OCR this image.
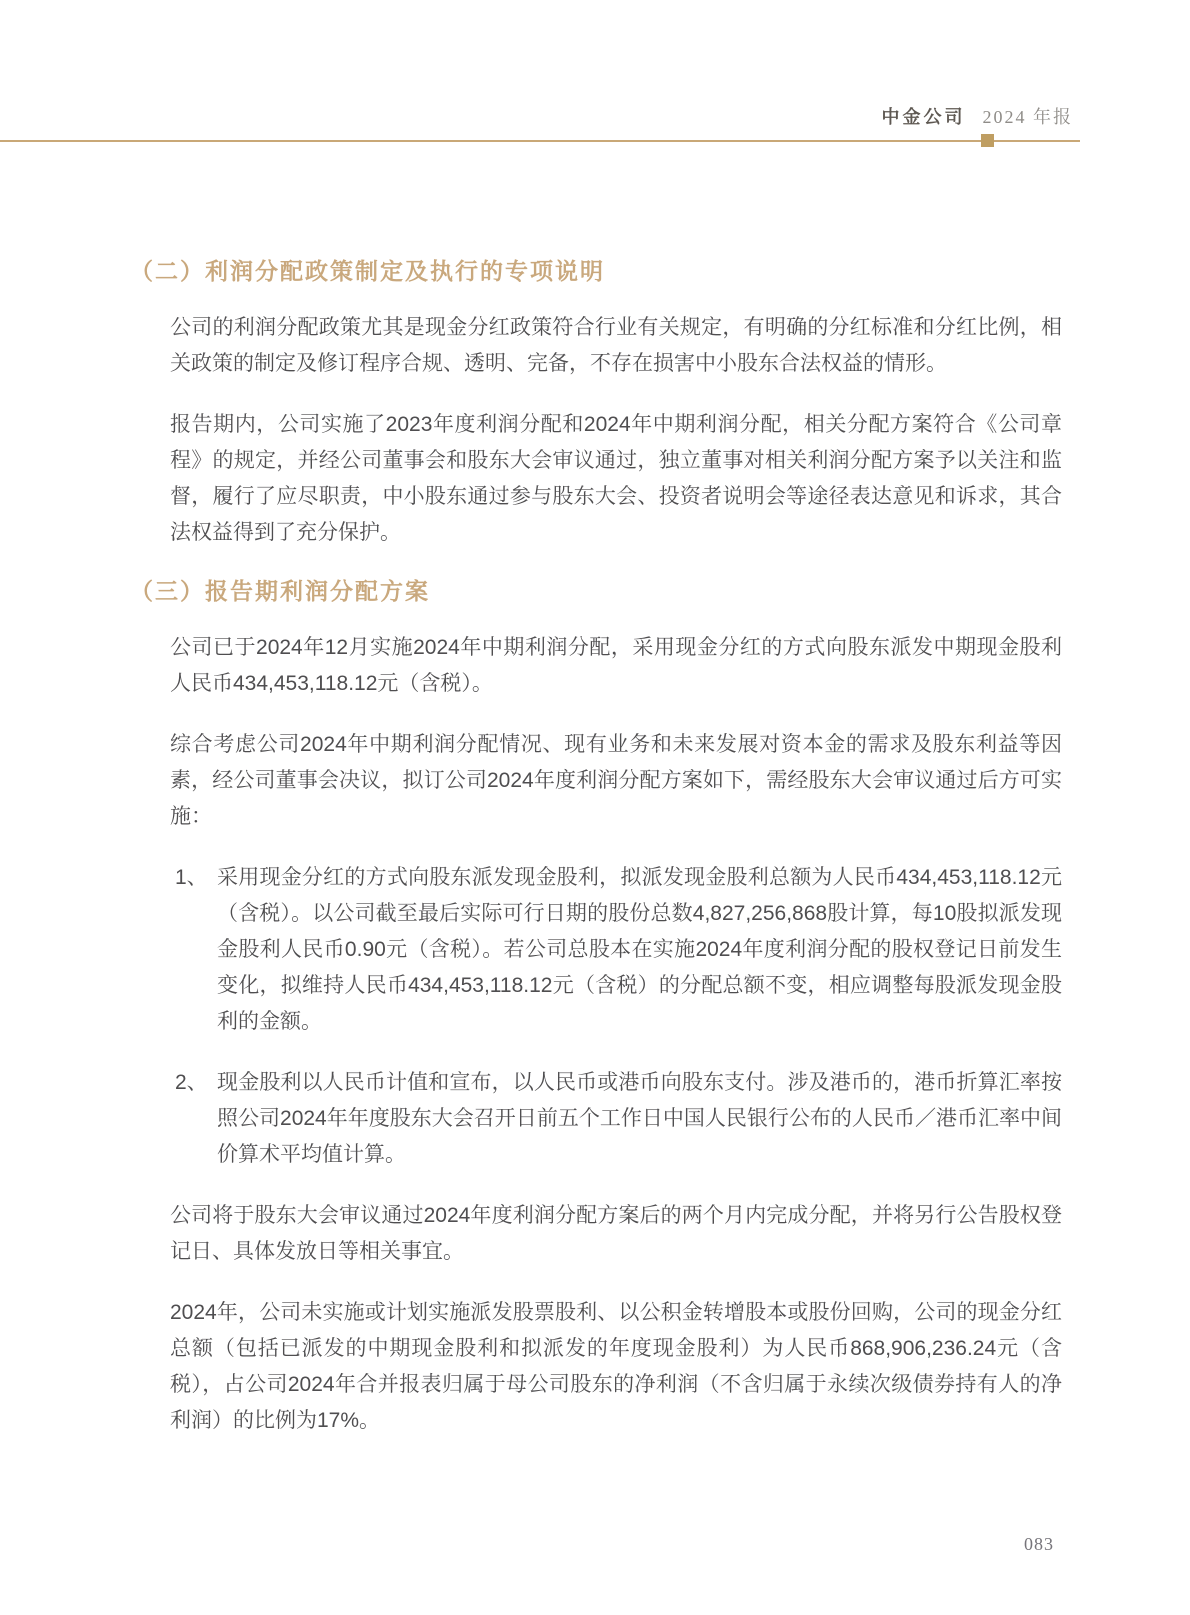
中金公司 2024 年报
（二）利润分配政策制定及执行的专项说明

公司的利润分配政策尤其是现金分红政策符合行业有关规定，有明确的分红标准和分红比例，相关政策的制定及修订程序合规、透明、完备，不存在损害中小股东合法权益的情形。

报告期内，公司实施了2023年度利润分配和2024年中期利润分配，相关分配方案符合《公司章程》的规定，并经公司董事会和股东大会审议通过，独立董事对相关利润分配方案予以关注和监督，履行了应尽职责，中小股东通过参与股东大会、投资者说明会等途径表达意见和诉求，其合法权益得到了充分保护。

（三）报告期利润分配方案

公司已于2024年12月实施2024年中期利润分配，采用现金分红的方式向股东派发中期现金股利人民币434,453,118.12元（含税）。

综合考虑公司2024年中期利润分配情况、现有业务和未来发展对资本金的需求及股东利益等因素，经公司董事会决议，拟订公司2024年度利润分配方案如下，需经股东大会审议通过后方可实施：

1、 采用现金分红的方式向股东派发现金股利，拟派发现金股利总额为人民币434,453,118.12元（含税）。以公司截至最后实际可行日期的股份总数4,827,256,868股计算，每10股拟派发现金股利人民币0.90元（含税）。若公司总股本在实施2024年度利润分配的股权登记日前发生变化，拟维持人民币434,453,118.12元（含税）的分配总额不变，相应调整每股派发现金股利的金额。
2、 现金股利以人民币计值和宣布，以人民币或港币向股东支付。涉及港币的，港币折算汇率按照公司2024年年度股东大会召开日前五个工作日中国人民银行公布的人民币／港币汇率中间价算术平均值计算。

公司将于股东大会审议通过2024年度利润分配方案后的两个月内完成分配，并将另行公告股权登记日、具体发放日等相关事宜。

2024年，公司未实施或计划实施派发股票股利、以公积金转增股本或股份回购，公司的现金分红总额（包括已派发的中期现金股利和拟派发的年度现金股利）为人民币868,906,236.24元（含税），占公司2024年合并报表归属于母公司股东的净利润（不含归属于永续次级债券持有人的净利润）的比例为17%。

083
